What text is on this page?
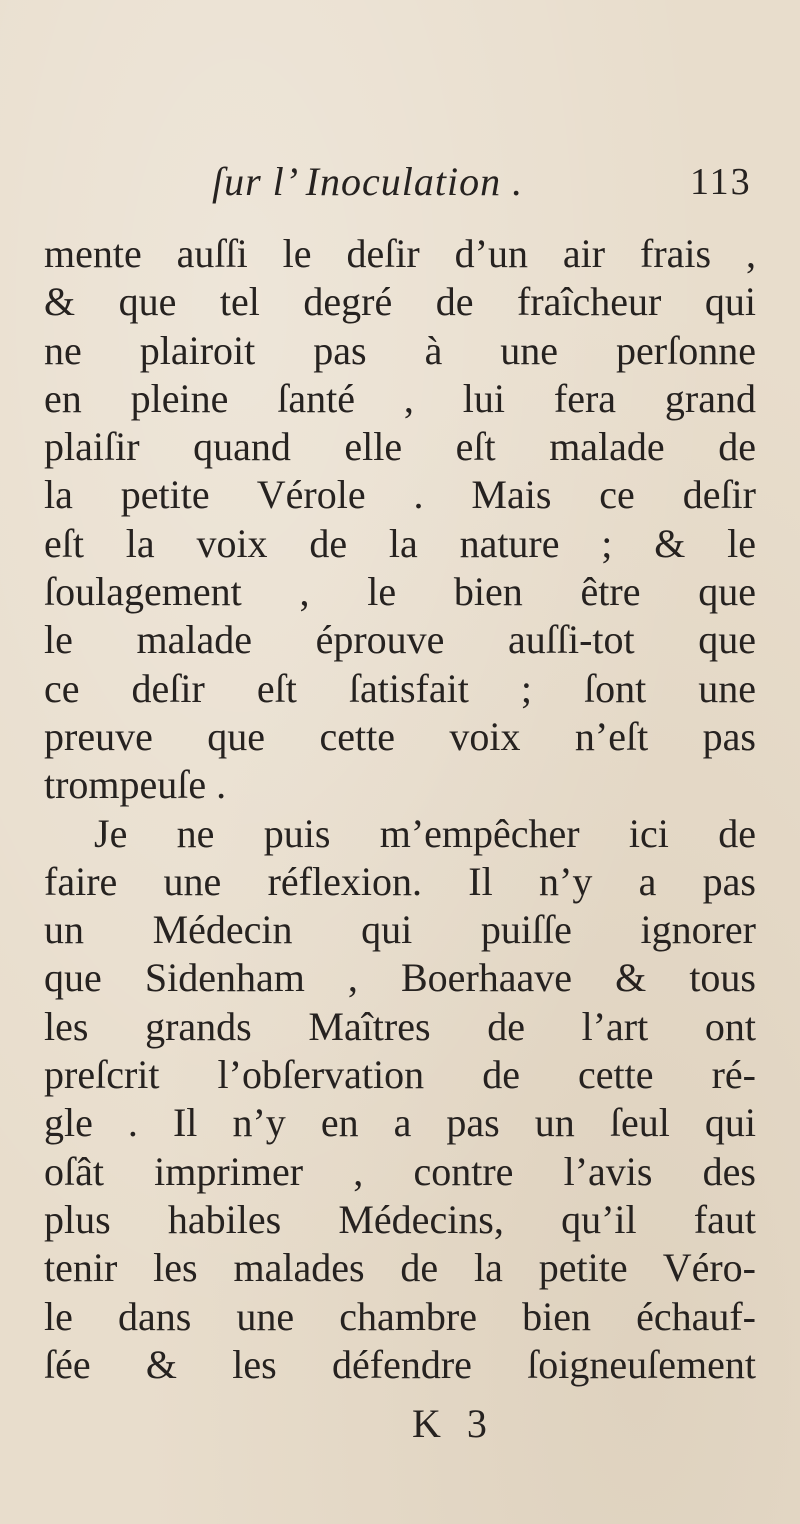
ſur l’ Inoculation .	113
mente auſſi le deſir d’un air frais ,
& que tel degré de fraîcheur qui
ne plairoit pas à une perſonne
en pleine ſanté , lui fera grand
plaiſir quand elle eſt malade de
la petite Vérole . Mais ce deſir
eſt la voix de la nature ; & le
ſoulagement , le bien être que
le malade éprouve auſſi-tot que
ce deſir eſt ſatisfait ; ſont une
preuve que cette voix n’eſt pas
trompeuſe .
Je ne puis m’empêcher ici de
faire une réflexion. Il n’y a pas
un Médecin qui puiſſe ignorer
que Sidenham , Boerhaave & tous
les grands Maîtres de l’art ont
preſcrit l’obſervation de cette ré-
gle . Il n’y en a pas un ſeul qui
oſât imprimer , contre l’avis des
plus habiles Médecins, qu’il faut
tenir les malades de la petite Véro-
le dans une chambre bien échauf-
ſée & les défendre ſoigneuſement
K 3
